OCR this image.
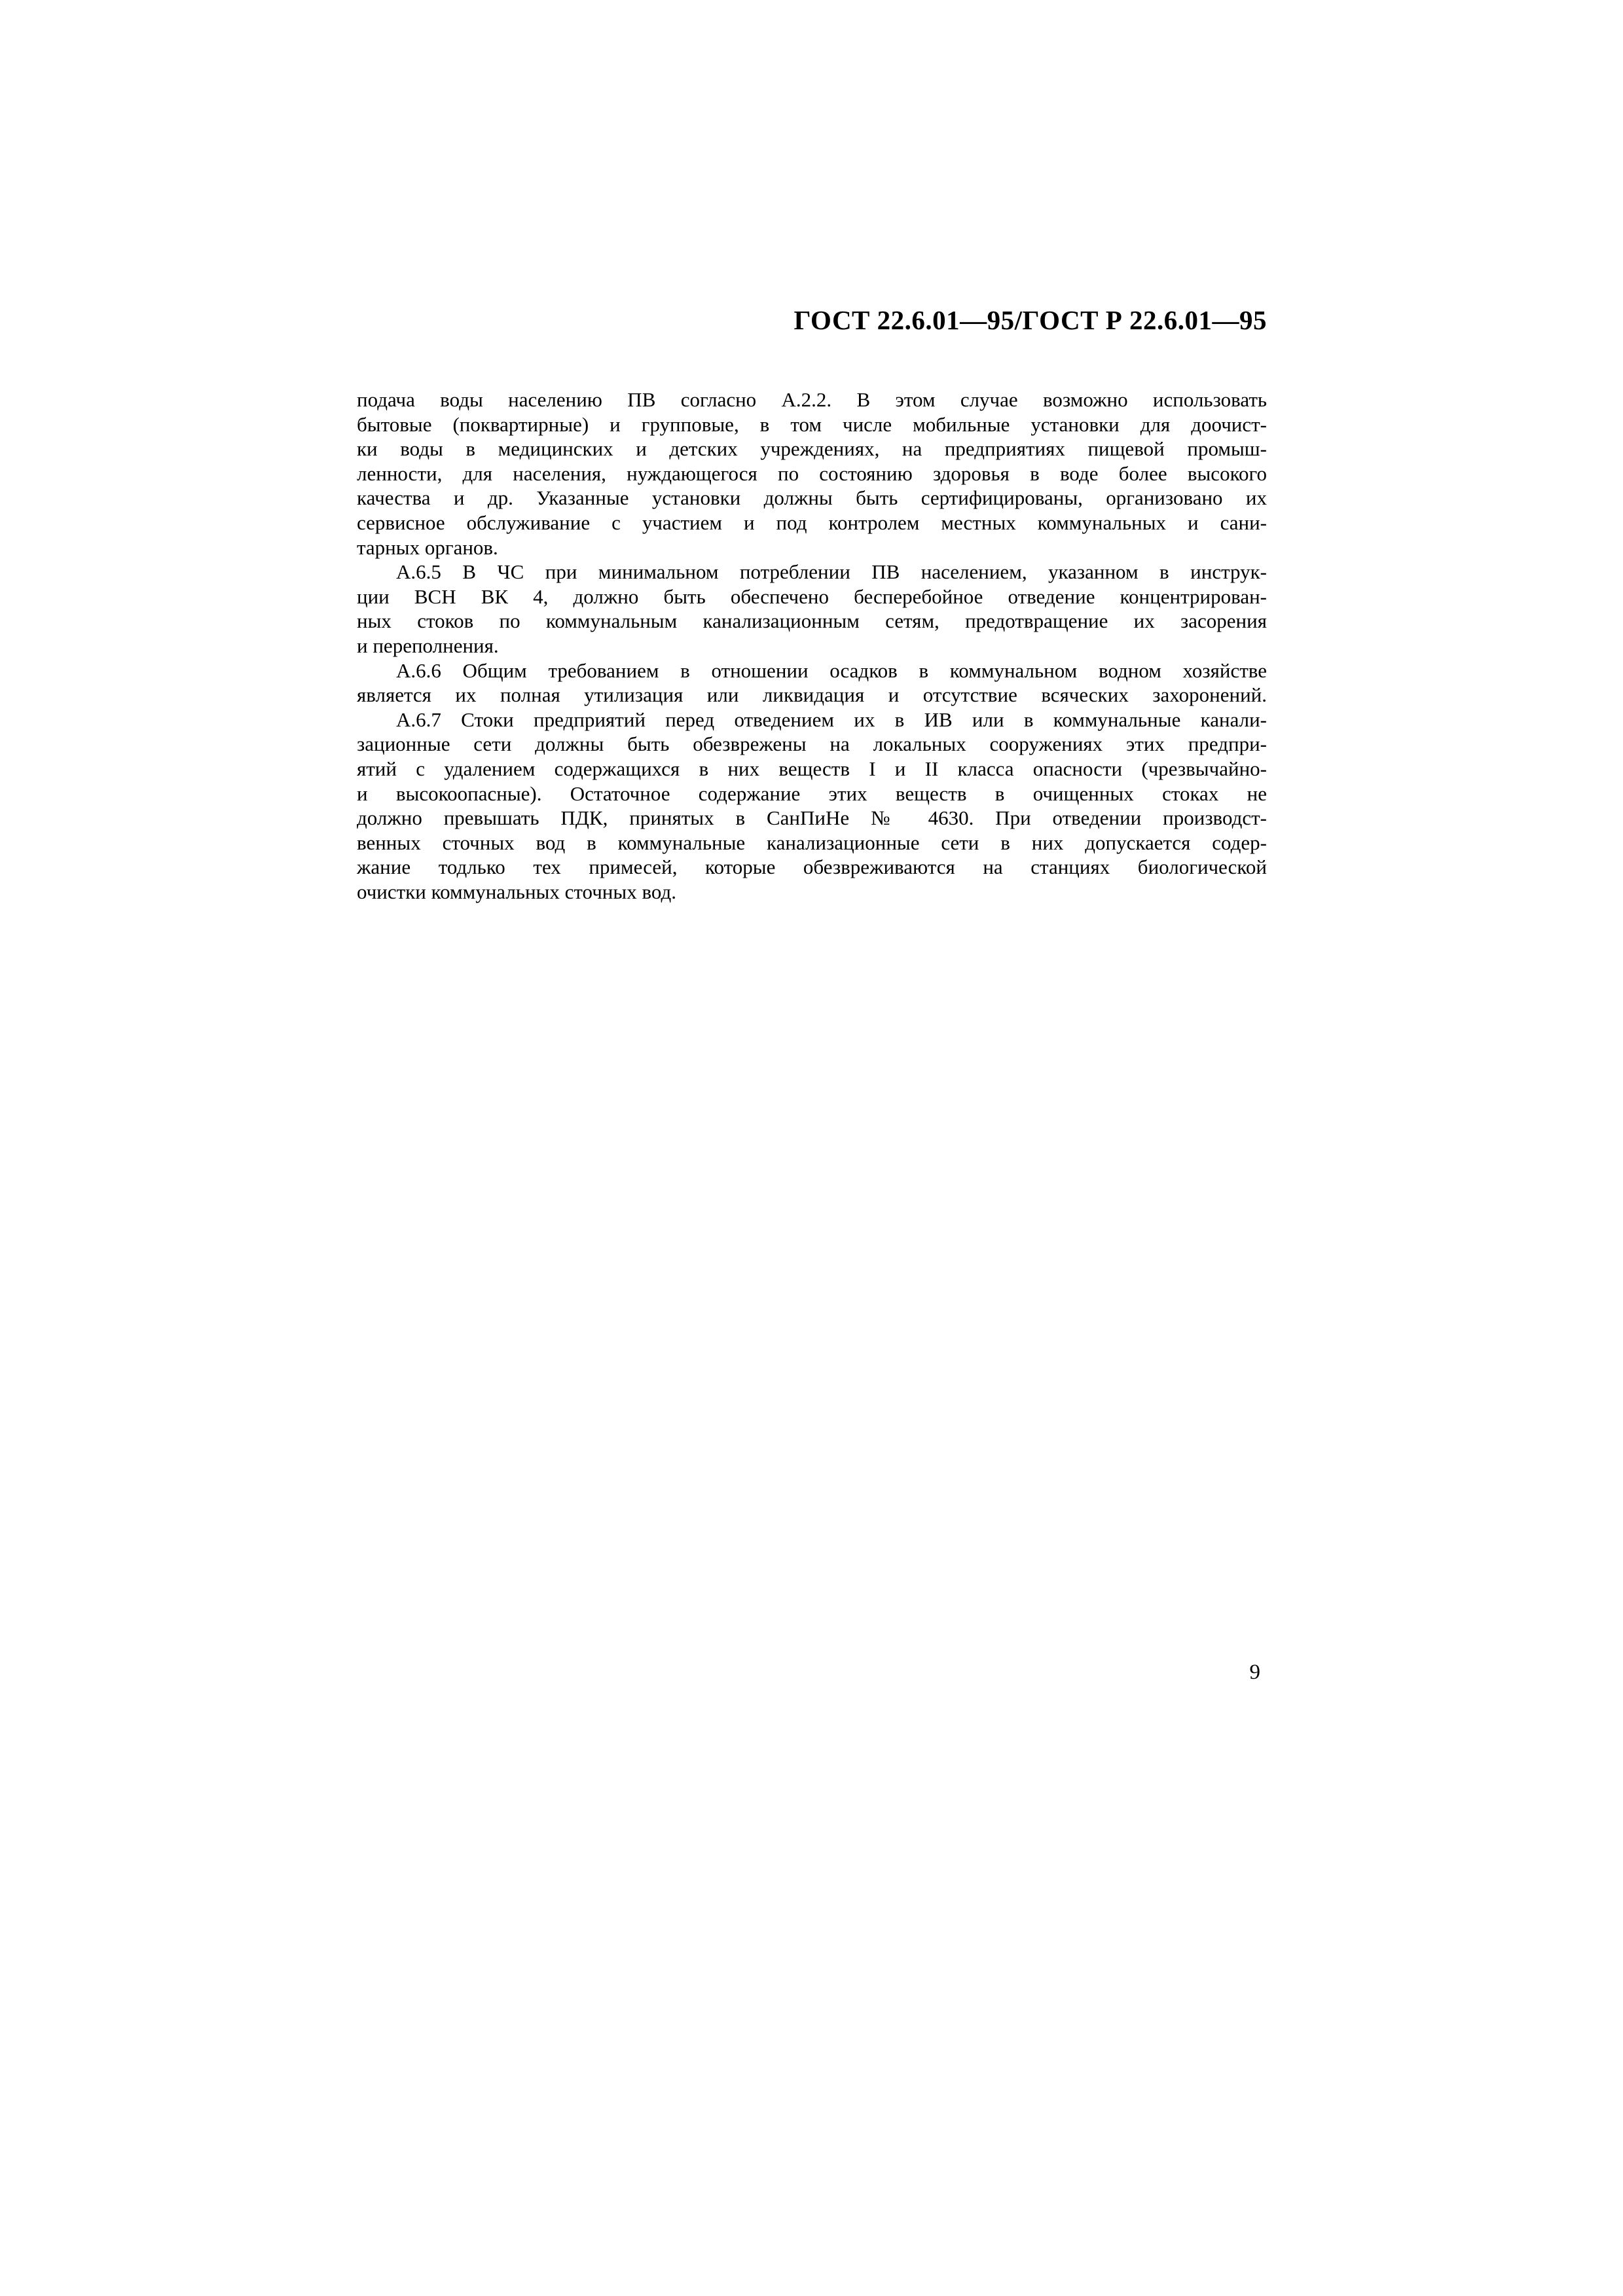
ГОСТ 22.6.01—95/ГОСТ Р 22.6.01—95
подача воды населению ПВ согласно А.2.2. В этом случае возможно использовать
бытовые (поквартирные) и групповые, в том числе мобильные установки для доочист-
ки воды в медицинских и детских учреждениях, на предприятиях пищевой промыш-
ленности, для населения, нуждающегося по состоянию здоровья в воде более высокого
качества и др. Указанные установки должны быть сертифицированы, организовано их
сервисное обслуживание с участием и под контролем местных коммунальных и сани-
тарных органов.
А.6.5 В ЧС при минимальном потреблении ПВ населением, указанном в инструк-
ции ВСН ВК 4, должно быть обеспечено бесперебойное отведение концентрирован-
ных стоков по коммунальным канализационным сетям, предотвращение их засорения
и переполнения.
А.6.6 Общим требованием в отношении осадков в коммунальном водном хозяйстве
является их полная утилизация или ликвидация и отсутствие всяческих захоронений.
А.6.7 Стоки предприятий перед отведением их в ИВ или в коммунальные канали-
зационные сети должны быть обезврежены на локальных сооружениях этих предпри-
ятий с удалением содержащихся в них веществ I и II класса опасности (чрезвычайно-
и высокоопасные). Остаточное содержание этих веществ в очищенных стоках не
должно превышать ПДК, принятых в СанПиНе № 4630. При отведении производст-
венных сточных вод в коммунальные канализационные сети в них допускается содер-
жание тодлько тех примесей, которые обезвреживаются на станциях биологической
очистки коммунальных сточных вод.
9
